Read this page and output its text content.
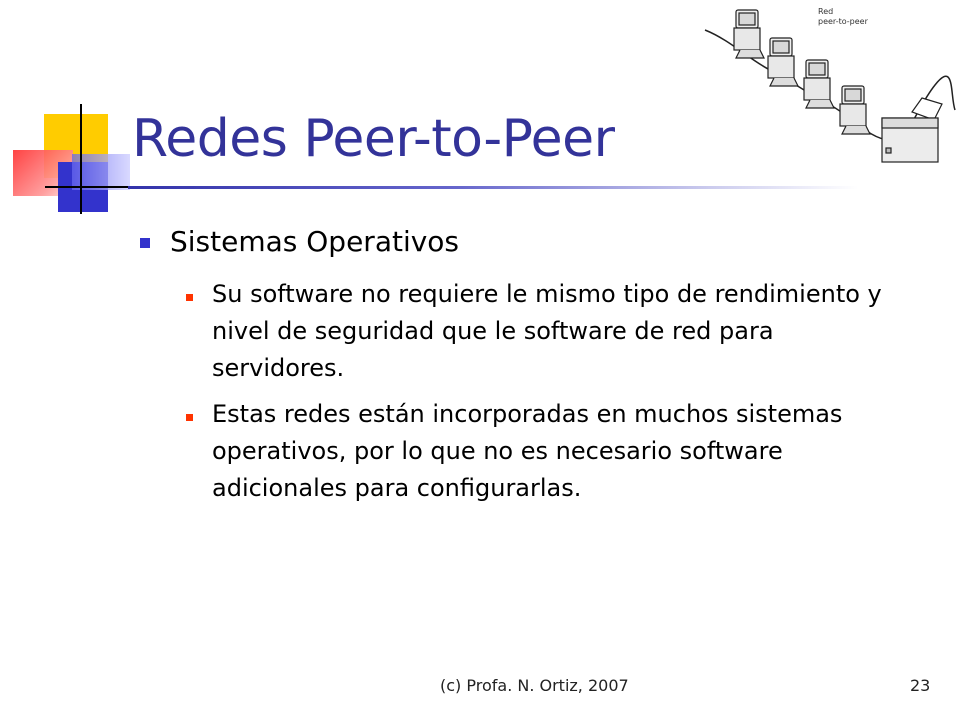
Redes Peer-to-Peer
Red
peer-to-peer

Sistemas Operativos

Su software no requiere le mismo tipo de rendimiento y nivel de seguridad que le software de red para servidores.

Estas redes están incorporadas en muchos sistemas operativos, por lo que no es necesario software adicionales para configurarlas.

(c) Profa. N. Ortiz, 2007	23
